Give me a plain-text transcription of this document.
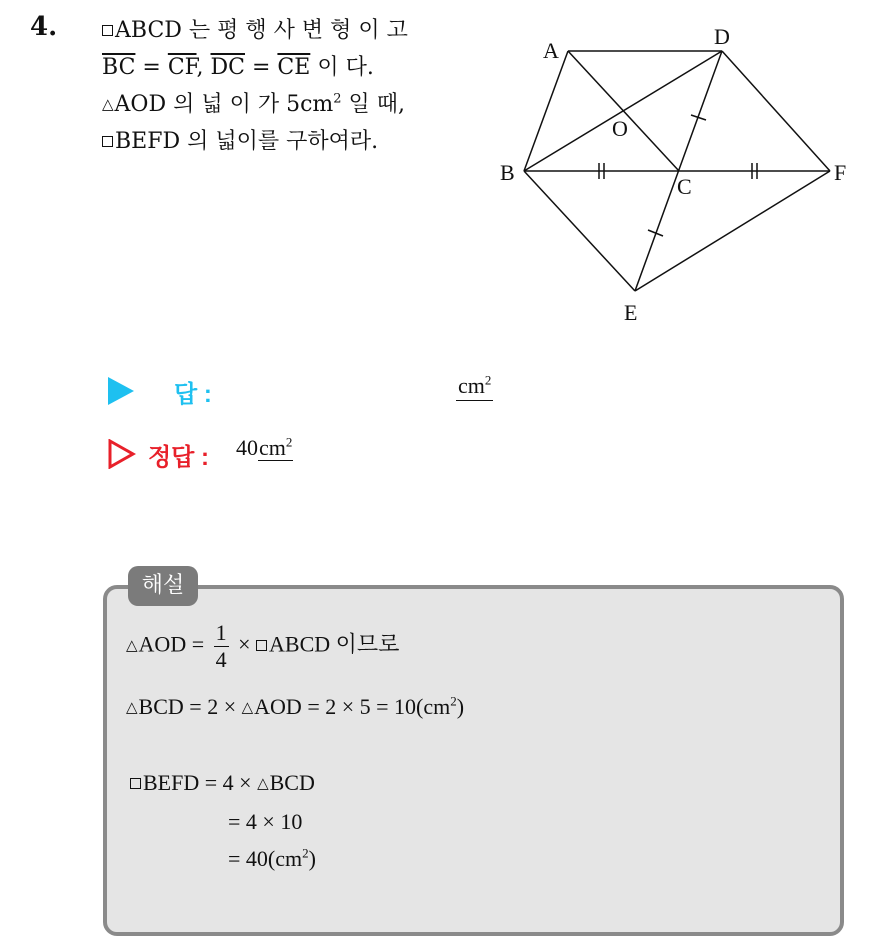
4.	ABCD 는 평 행 사 변 형 이 고
$\overline{BC} = \overline{CF}$, $\overline{DC} = \overline{CE}$ 이 다.
△AOD 의 넓 이 가 $5cm^2$ 일 때,
BEFD 의 넓이를 구하여라.
A
D
B	F
C
O
E
답 :	$cm^2$
정답 : $40cm^2$
해설
△AOD = $\frac{1}{4}$ × ABCD 이므로
△BCD = 2 × △AOD = $2 \times 5 = 10(cm^2)$
BEFD = 4 × △BCD
= 4 × 10
= $40(cm^2)$
